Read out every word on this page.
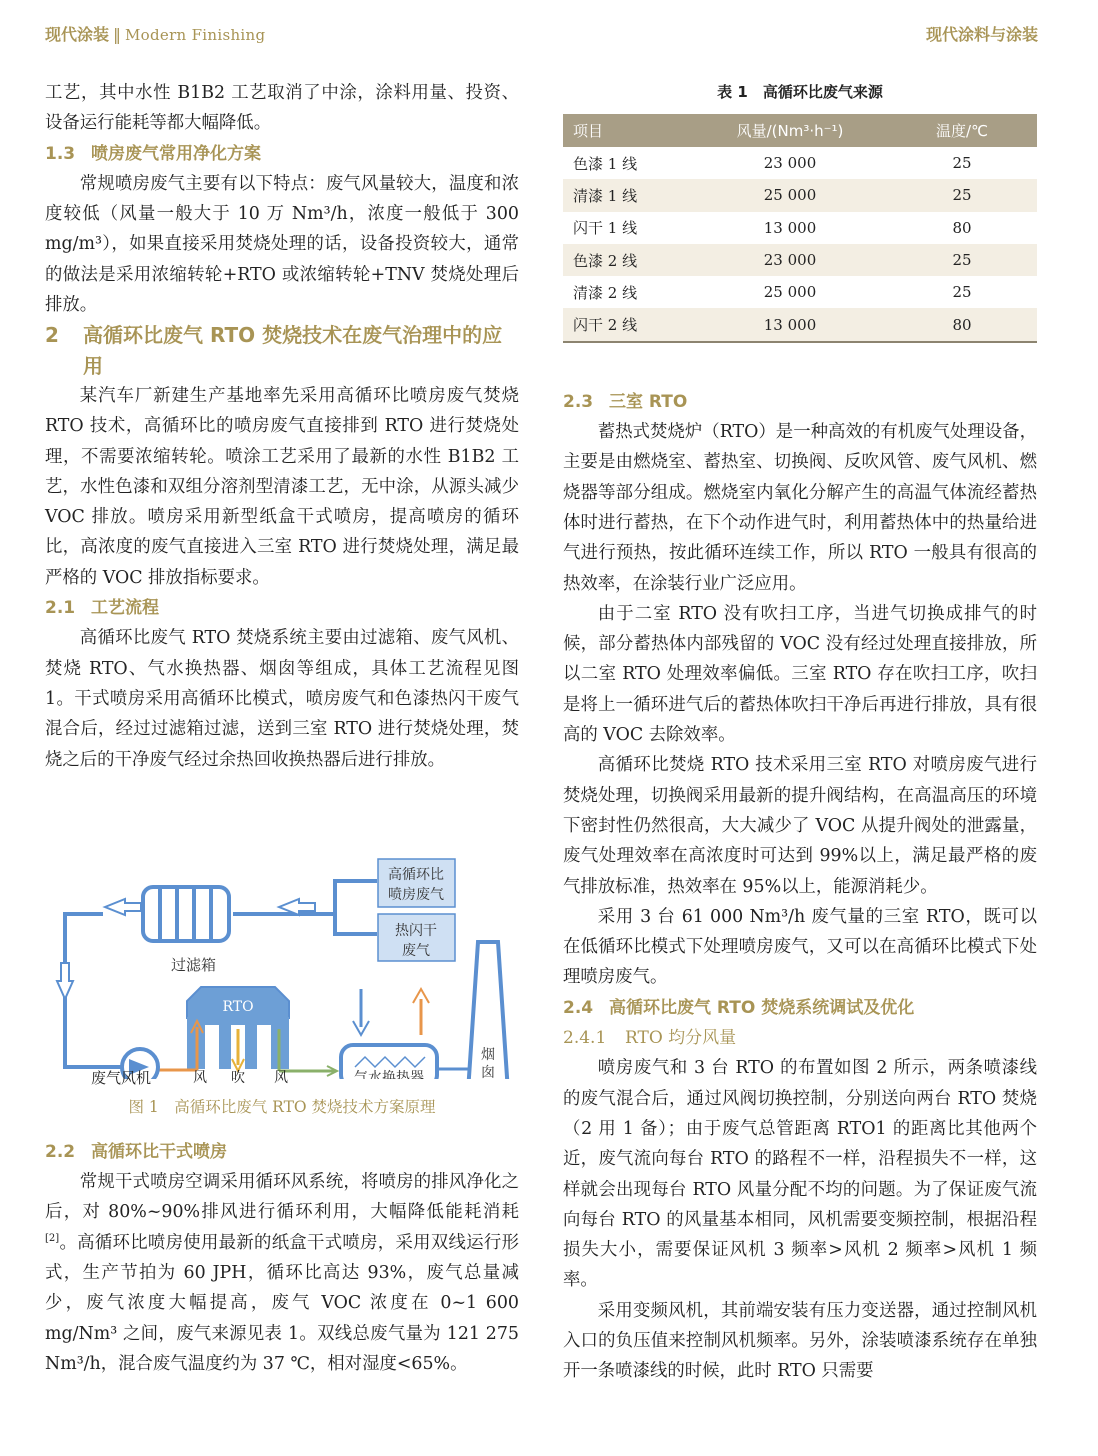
现代涂装 ‖ Modern Finishing	现代涂料与涂装

工艺，其中水性 B1B2 工艺取消了中涂，涂料用量、投资、设备运行能耗等都大幅降低。

1.3 喷房废气常用净化方案

常规喷房废气主要有以下特点：废气风量较大，温度和浓度较低（风量一般大于 10 万 Nm³/h，浓度一般低于 300 mg/m³），如果直接采用焚烧处理的话，设备投资较大，通常的做法是采用浓缩转轮+RTO 或浓缩转轮+TNV 焚烧处理后排放。

2	高循环比废气 RTO 焚烧技术在废气治理中的应用

某汽车厂新建生产基地率先采用高循环比喷房废气焚烧 RTO 技术，高循环比的喷房废气直接排到 RTO 进行焚烧处理，不需要浓缩转轮。喷涂工艺采用了最新的水性 B1B2 工艺，水性色漆和双组分溶剂型清漆工艺，无中涂，从源头减少 VOC 排放。喷房采用新型纸盒干式喷房，提高喷房的循环比，高浓度的废气直接进入三室 RTO 进行焚烧处理，满足最严格的 VOC 排放指标要求。

2.1 工艺流程

高循环比废气 RTO 焚烧系统主要由过滤箱、废气风机、焚烧 RTO、气水换热器、烟囱等组成，具体工艺流程见图 1。干式喷房采用高循环比模式，喷房废气和色漆热闪干废气混合后，经过过滤箱过滤，送到三室 RTO 进行焚烧处理，焚烧之后的干净废气经过余热回收换热器后进行排放。

过滤箱
高循环比
喷房废气
热闪干
废气
RTO
气水换热器
烟
囱
废气风机	风 吹 风
图 1　高循环比废气 RTO 焚烧技术方案原理

2.2 高循环比干式喷房

常规干式喷房空调采用循环风系统，将喷房的排风净化之后，对 80%~90%排风进行循环利用，大幅降低能耗消耗[2]。高循环比喷房使用最新的纸盒干式喷房，采用双线运行形式，生产节拍为 60 JPH，循环比高达 93%，废气总量减少，废气浓度大幅提高，废气 VOC 浓度在 0~1 600 mg/Nm³ 之间，废气来源见表 1。双线总废气量为 121 275 Nm³/h，混合废气温度约为 37 ℃，相对湿度<65%。

表 1　高循环比废气来源
项目	风量/(Nm³·h⁻¹)	温度/℃
色漆 1 线	23 000	25
清漆 1 线	25 000	25
闪干 1 线	13 000	80
色漆 2 线	23 000	25
清漆 2 线	25 000	25
闪干 2 线	13 000	80

2.3 三室 RTO

蓄热式焚烧炉（RTO）是一种高效的有机废气处理设备，主要是由燃烧室、蓄热室、切换阀、反吹风管、废气风机、燃烧器等部分组成。燃烧室内氧化分解产生的高温气体流经蓄热体时进行蓄热，在下个动作进气时，利用蓄热体中的热量给进气进行预热，按此循环连续工作，所以 RTO 一般具有很高的热效率，在涂装行业广泛应用。

由于二室 RTO 没有吹扫工序，当进气切换成排气的时候，部分蓄热体内部残留的 VOC 没有经过处理直接排放，所以二室 RTO 处理效率偏低。三室 RTO 存在吹扫工序，吹扫是将上一循环进气后的蓄热体吹扫干净后再进行排放，具有很高的 VOC 去除效率。

高循环比焚烧 RTO 技术采用三室 RTO 对喷房废气进行焚烧处理，切换阀采用最新的提升阀结构，在高温高压的环境下密封性仍然很高，大大减少了 VOC 从提升阀处的泄露量，废气处理效率在高浓度时可达到 99%以上，满足最严格的废气排放标准，热效率在 95%以上，能源消耗少。

采用 3 台 61 000 Nm³/h 废气量的三室 RTO，既可以在低循环比模式下处理喷房废气，又可以在高循环比模式下处理喷房废气。

2.4 高循环比废气 RTO 焚烧系统调试及优化

2.4.1 RTO 均分风量

喷房废气和 3 台 RTO 的布置如图 2 所示，两条喷漆线的废气混合后，通过风阀切换控制，分别送向两台 RTO 焚烧（2 用 1 备）；由于废气总管距离 RTO1 的距离比其他两个近，废气流向每台 RTO 的路程不一样，沿程损失不一样，这样就会出现每台 RTO 风量分配不均的问题。为了保证废气流向每台 RTO 的风量基本相同，风机需要变频控制，根据沿程损失大小，需要保证风机 3 频率>风机 2 频率>风机 1 频率。

采用变频风机，其前端安装有压力变送器，通过控制风机入口的负压值来控制风机频率。另外，涂装喷漆系统存在单独开一条喷漆线的时候，此时 RTO 只需要
